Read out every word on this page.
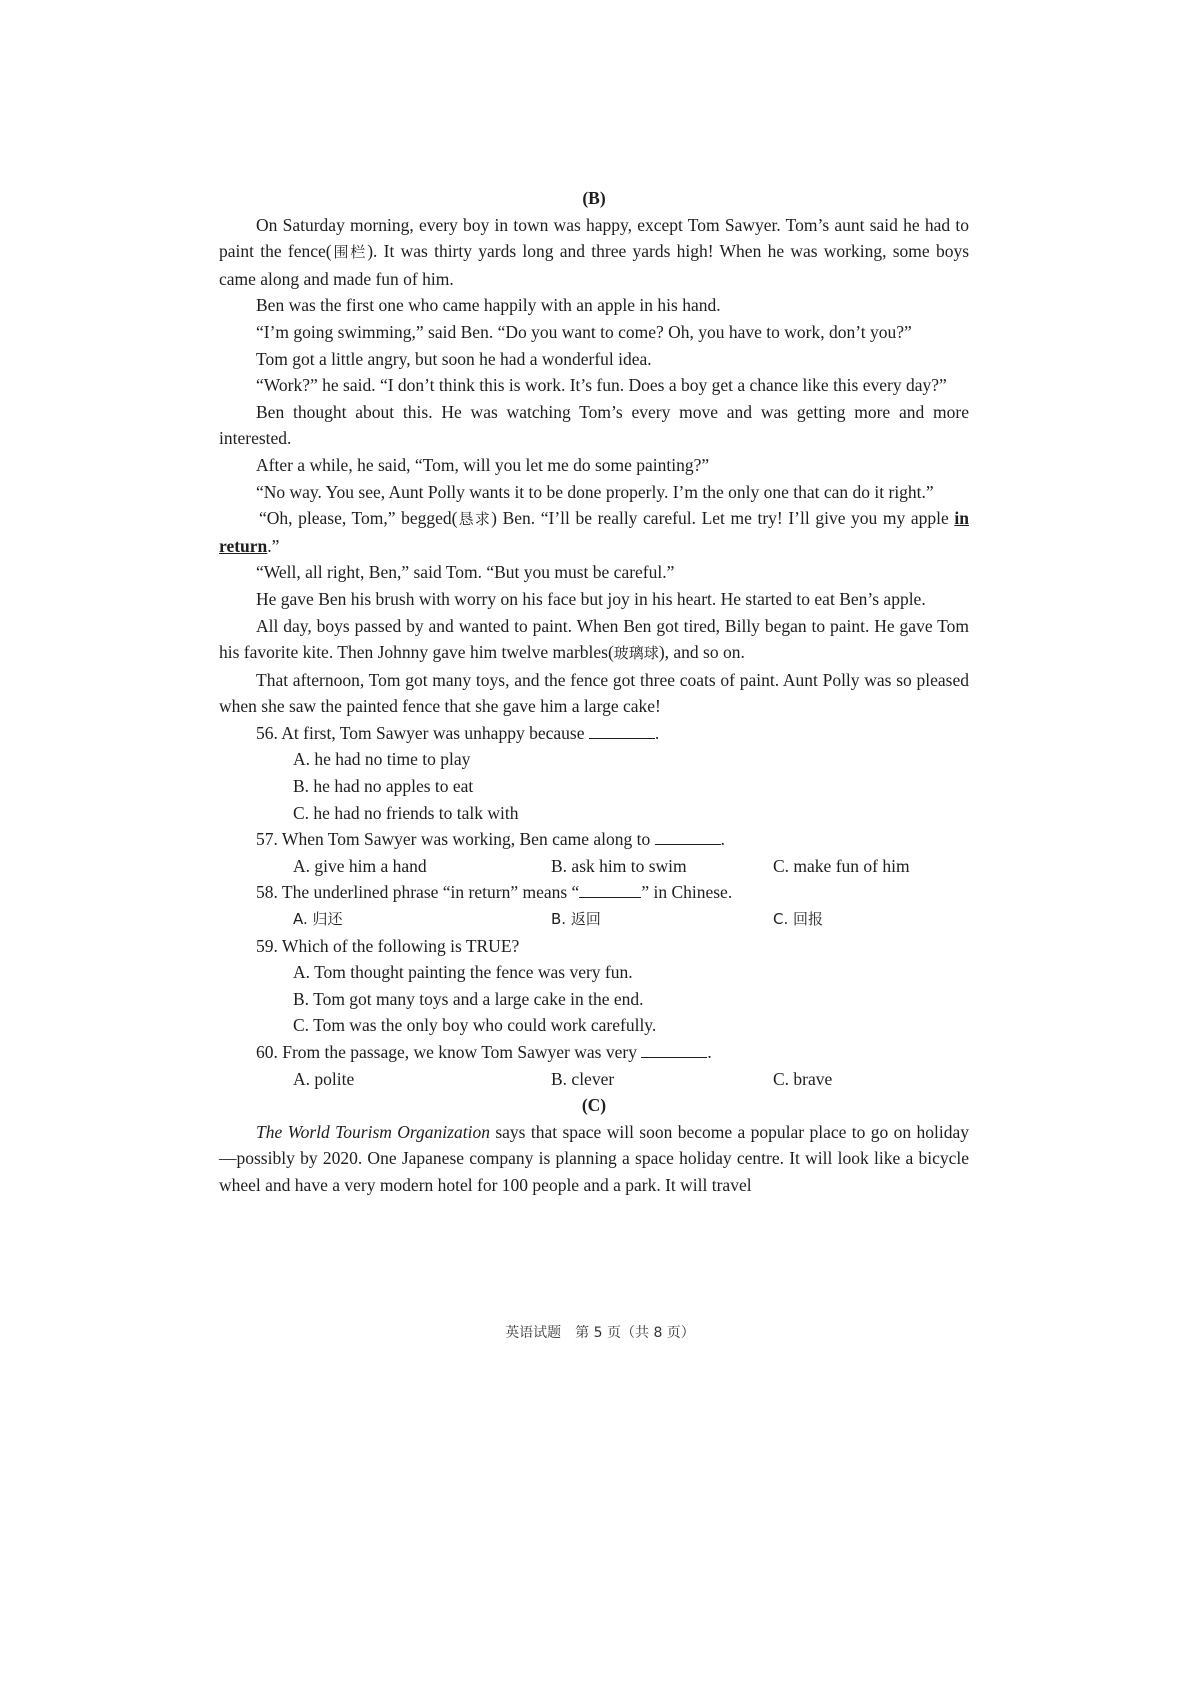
(B)

On Saturday morning, every boy in town was happy, except Tom Sawyer. Tom’s aunt said he had to paint the fence(围栏). It was thirty yards long and three yards high! When he was working, some boys came along and made fun of him.

Ben was the first one who came happily with an apple in his hand.

“I’m going swimming,” said Ben. “Do you want to come? Oh, you have to work, don’t you?”

Tom got a little angry, but soon he had a wonderful idea.

“Work?” he said. “I don’t think this is work. It’s fun. Does a boy get a chance like this every day?”

Ben thought about this. He was watching Tom’s every move and was getting more and more interested.

After a while, he said, “Tom, will you let me do some painting?”

“No way. You see, Aunt Polly wants it to be done properly. I’m the only one that can do it right.”

“Oh, please, Tom,” begged(恳求) Ben. “I’ll be really careful. Let me try! I’ll give you my apple in return.”

“Well, all right, Ben,” said Tom. “But you must be careful.”

He gave Ben his brush with worry on his face but joy in his heart. He started to eat Ben’s apple.

All day, boys passed by and wanted to paint. When Ben got tired, Billy began to paint. He gave Tom his favorite kite. Then Johnny gave him twelve marbles(玻璃球), and so on.

That afternoon, Tom got many toys, and the fence got three coats of paint. Aunt Polly was so pleased when she saw the painted fence that she gave him a large cake!

56. At first, Tom Sawyer was unhappy because	.

A. he had no time to play

B. he had no apples to eat

C. he had no friends to talk with

57. When Tom Sawyer was working, Ben came along to	.

A. give him a hand	B. ask him to swim	C. make fun of him

58. The underlined phrase “in return” means “	” in Chinese.

A. 归还	B. 返回	C. 回报

59. Which of the following is TRUE?

A. Tom thought painting the fence was very fun.

B. Tom got many toys and a large cake in the end.

C. Tom was the only boy who could work carefully.

60. From the passage, we know Tom Sawyer was very	.

A. polite	B. clever	C. brave
(C)

The World Tourism Organization says that space will soon become a popular place to go on holiday—possibly by 2020. One Japanese company is planning a space holiday centre. It will look like a bicycle wheel and have a very modern hotel for 100 people and a park. It will travel

英语试题　第 5 页（共 8 页）
